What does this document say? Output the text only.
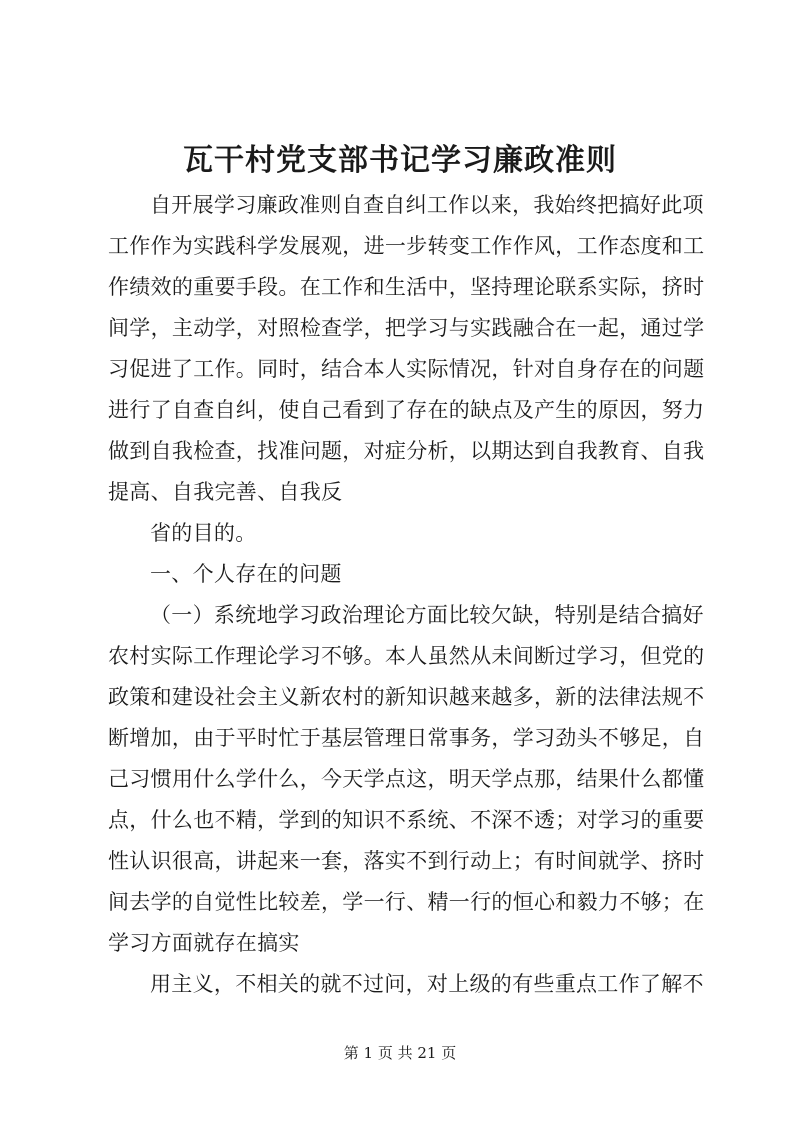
瓦干村党支部书记学习廉政准则
自开展学习廉政准则自查自纠工作以来，我始终把搞好此项
工作作为实践科学发展观，进一步转变工作作风，工作态度和工
作绩效的重要手段。在工作和生活中，坚持理论联系实际，挤时
间学，主动学，对照检查学，把学习与实践融合在一起，通过学
习促进了工作。同时，结合本人实际情况，针对自身存在的问题
进行了自查自纠，使自己看到了存在的缺点及产生的原因，努力
做到自我检查，找准问题，对症分析，以期达到自我教育、自我
提高、自我完善、自我反
省的目的。
一、个人存在的问题
（一）系统地学习政治理论方面比较欠缺，特别是结合搞好
农村实际工作理论学习不够。本人虽然从未间断过学习，但党的
政策和建设社会主义新农村的新知识越来越多，新的法律法规不
断增加，由于平时忙于基层管理日常事务，学习劲头不够足，自
己习惯用什么学什么，今天学点这，明天学点那，结果什么都懂
点，什么也不精，学到的知识不系统、不深不透；对学习的重要
性认识很高，讲起来一套，落实不到行动上；有时间就学、挤时
间去学的自觉性比较差，学一行、精一行的恒心和毅力不够；在
学习方面就存在搞实
用主义，不相关的就不过问，对上级的有些重点工作了解不
第 1 页 共 21 页
